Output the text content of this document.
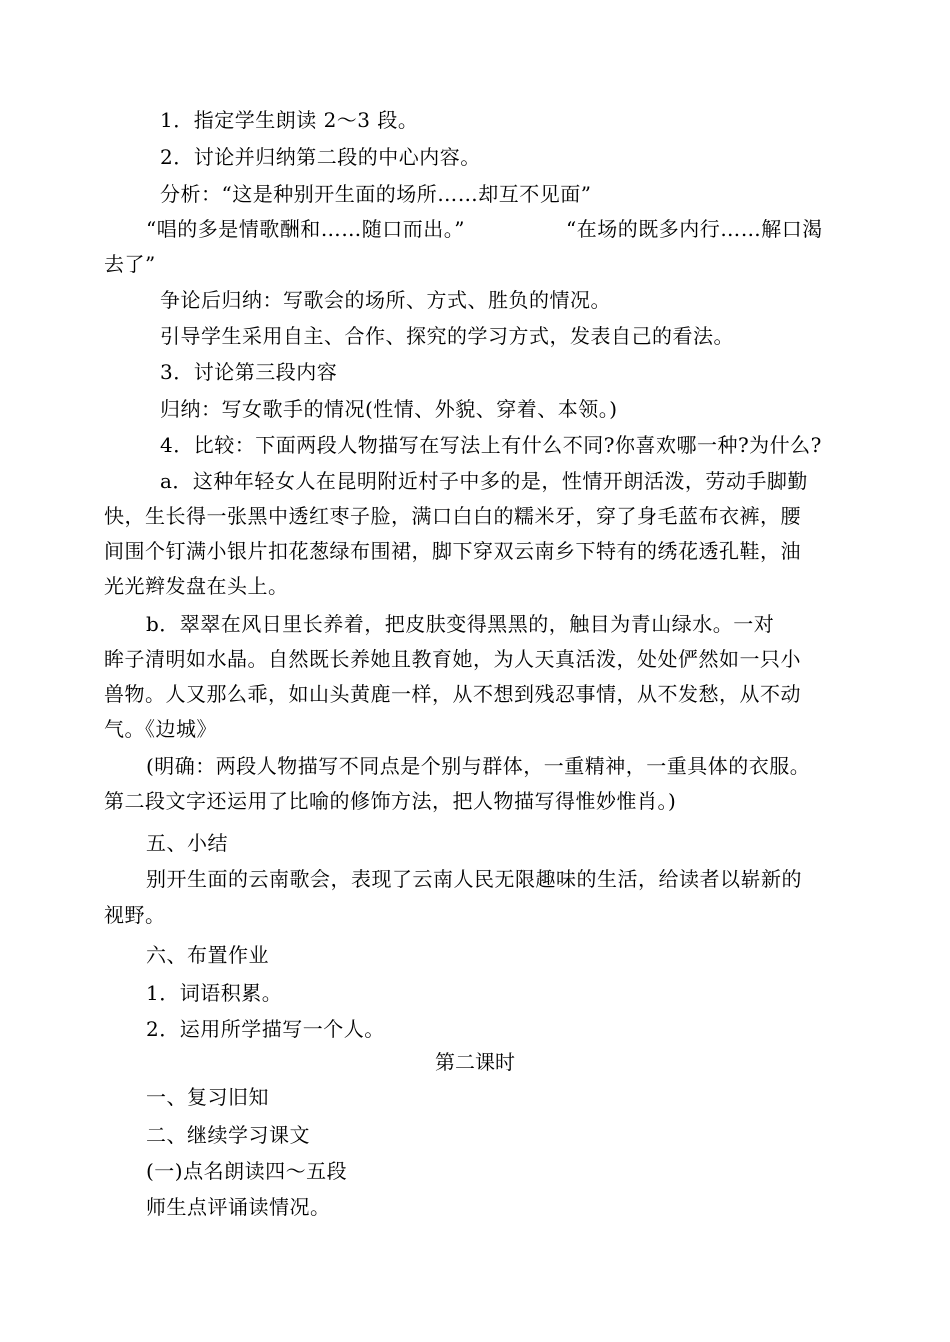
1．指定学生朗读 2～3 段。
2．讨论并归纳第二段的中心内容。
分析：“这是种别开生面的场所……却互不见面”
“唱的多是情歌酬和……随口而出。”	“在场的既多内行……解口渴
去了”
争论后归纳：写歌会的场所、方式、胜负的情况。
引导学生采用自主、合作、探究的学习方式，发表自己的看法。
3．讨论第三段内容
归纳：写女歌手的情况(性情、外貌、穿着、本领。)
4．比较：下面两段人物描写在写法上有什么不同?你喜欢哪一种?为什么?
a．这种年轻女人在昆明附近村子中多的是，性情开朗活泼，劳动手脚勤
快，生长得一张黑中透红枣子脸，满口白白的糯米牙，穿了身毛蓝布衣裤，腰
间围个钉满小银片扣花葱绿布围裙，脚下穿双云南乡下特有的绣花透孔鞋，油
光光辫发盘在头上。
b．翠翠在风日里长养着，把皮肤变得黑黑的，触目为青山绿水。一对
眸子清明如水晶。自然既长养她且教育她，为人天真活泼，处处俨然如一只小
兽物。人又那么乖，如山头黄鹿一样，从不想到残忍事情，从不发愁，从不动
气。《边城》
(明确：两段人物描写不同点是个别与群体，一重精神，一重具体的衣服。
第二段文字还运用了比喻的修饰方法，把人物描写得惟妙惟肖。)
五、小结
别开生面的云南歌会，表现了云南人民无限趣味的生活，给读者以崭新的
视野。
六、布置作业
1．词语积累。
2．运用所学描写一个人。
第二课时
一、复习旧知
二、继续学习课文
(一)点名朗读四～五段
师生点评诵读情况。
